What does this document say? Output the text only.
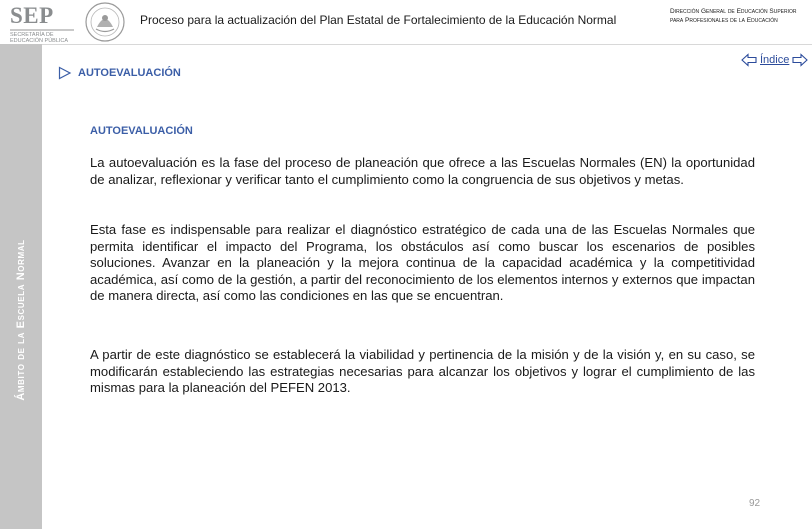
SEP
SECRETARÍA DE EDUCACIÓN PÚBLICA
Proceso para la actualización del Plan Estatal de Fortalecimiento de la Educación Normal
Dirección General de Educación Superior para Profesionales de la Educación
Ámbito de la Escuela Normal
AUTOEVALUACIÓN
Índice
AUTOEVALUACIÓN

La autoevaluación es la fase del proceso de planeación que ofrece a las Escuelas Normales (EN) la oportunidad de analizar, reflexionar y verificar tanto el cumplimiento como la congruencia de sus objetivos y metas.

Esta fase es indispensable para realizar el diagnóstico estratégico de cada una de las Escuelas Normales que permita identificar el impacto del Programa, los obstáculos así como buscar los escenarios de posibles soluciones. Avanzar en la planeación y la mejora continua de la capacidad académica y la competitividad académica, así como de la gestión, a partir del reconocimiento de los elementos internos y externos que impactan de manera directa, así como las condiciones en las que se encuentran.

A partir de este diagnóstico se establecerá la viabilidad y pertinencia de la misión y de la visión y, en su caso, se modificarán estableciendo las estrategias necesarias para alcanzar los objetivos y lograr el cumplimiento de las mismas para la planeación del PEFEN 2013.

92
